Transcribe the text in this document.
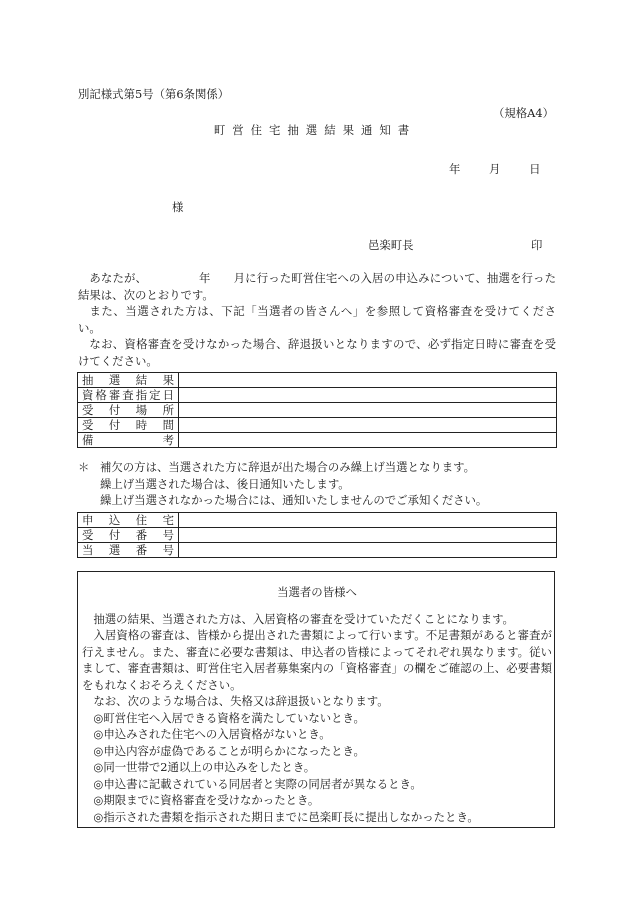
別記様式第5号（第6条関係）
（規格A4）
町営住宅抽選結果通知書
年	月	日
様
邑楽町長	印

あなたが、　　　　　年　　月に行った町営住宅への入居の申込みについて、抽選を行った結果は、次のとおりです。

また、当選された方は、下記「当選者の皆さんへ」を参照して資格審査を受けてください。

なお、資格審査を受けなかった場合、辞退扱いとなりますので、必ず指定日時に審査を受けてください。

抽選結果	
資格審査指定日	
受付場所	
受付時間	
備考	
＊ 補欠の方は、当選された方に辞退が出た場合のみ繰上げ当選となります。
繰上げ当選された場合は、後日通知いたします。
繰上げ当選されなかった場合には、通知いたしませんのでご承知ください。
申込住宅	
受付番号	
当選番号	
当選者の皆様へ

抽選の結果、当選された方は、入居資格の審査を受けていただくことになります。

入居資格の審査は、皆様から提出された書類によって行います。不足書類があると審査が行えません。また、審査に必要な書類は、申込者の皆様によってそれぞれ異なります。従いまして、審査書類は、町営住宅入居者募集案内の「資格審査」の欄をご確認の上、必要書類をもれなくおそろえください。

なお、次のような場合は、失格又は辞退扱いとなります。

◎町営住宅へ入居できる資格を満たしていないとき。
◎申込みされた住宅への入居資格がないとき。
◎申込内容が虚偽であることが明らかになったとき。
◎同一世帯で2通以上の申込みをしたとき。
◎申込書に記載されている同居者と実際の同居者が異なるとき。
◎期限までに資格審査を受けなかったとき。
◎指示された書類を指示された期日までに邑楽町長に提出しなかったとき。
